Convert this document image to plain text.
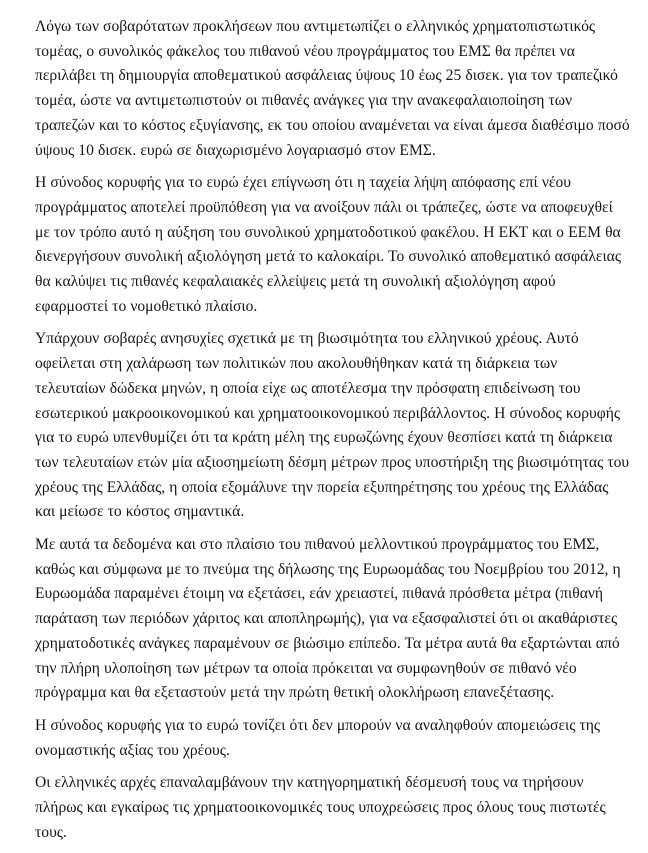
Λόγω των σοβαρότατων προκλήσεων που αντιμετωπίζει ο ελληνικός χρηματοπιστωτικός τομέας, ο συνολικός φάκελος του πιθανού νέου προγράμματος του ΕΜΣ θα πρέπει να περιλάβει τη δημιουργία αποθεματικού ασφάλειας ύψους 10 έως 25 δισεκ. για τον τραπεζικό τομέα, ώστε να αντιμετωπιστούν οι πιθανές ανάγκες για την ανακεφαλαιοποίηση των τραπεζών και το κόστος εξυγίανσης, εκ του οποίου αναμένεται να είναι άμεσα διαθέσιμο ποσό ύψους 10 δισεκ. ευρώ σε διαχωρισμένο λογαριασμό στον ΕΜΣ.

Η σύνοδος κορυφής για το ευρώ έχει επίγνωση ότι η ταχεία λήψη απόφασης επί νέου προγράμματος αποτελεί προϋπόθεση για να ανοίξουν πάλι οι τράπεζες, ώστε να αποφευχθεί με τον τρόπο αυτό η αύξηση του συνολικού χρηματοδοτικού φακέλου. Η ΕΚΤ και ο ΕΕΜ θα διενεργήσουν συνολική αξιολόγηση μετά το καλοκαίρι. Το συνολικό αποθεματικό ασφάλειας θα καλύψει τις πιθανές κεφαλαιακές ελλείψεις μετά τη συνολική αξιολόγηση αφού εφαρμοστεί το νομοθετικό πλαίσιο.

Υπάρχουν σοβαρές ανησυχίες σχετικά με τη βιωσιμότητα του ελληνικού χρέους. Αυτό οφείλεται στη χαλάρωση των πολιτικών που ακολουθήθηκαν κατά τη διάρκεια των τελευταίων δώδεκα μηνών, η οποία είχε ως αποτέλεσμα την πρόσφατη επιδείνωση του εσωτερικού μακροοικονομικού και χρηματοοικονομικού περιβάλλοντος. Η σύνοδος κορυφής για το ευρώ υπενθυμίζει ότι τα κράτη μέλη της ευρωζώνης έχουν θεσπίσει κατά τη διάρκεια των τελευταίων ετών μία αξιοσημείωτη δέσμη μέτρων προς υποστήριξη της βιωσιμότητας του χρέους της Ελλάδας, η οποία εξομάλυνε την πορεία εξυπηρέτησης του χρέους της Ελλάδας και μείωσε το κόστος σημαντικά.

Με αυτά τα δεδομένα και στο πλαίσιο του πιθανού μελλοντικού προγράμματος του ΕΜΣ, καθώς και σύμφωνα με το πνεύμα της δήλωσης της Ευρωομάδας του Νοεμβρίου του 2012, η Ευρωομάδα παραμένει έτοιμη να εξετάσει, εάν χρειαστεί, πιθανά πρόσθετα μέτρα (πιθανή παράταση των περιόδων χάριτος και αποπληρωμής), για να εξασφαλιστεί ότι οι ακαθάριστες χρηματοδοτικές ανάγκες παραμένουν σε βιώσιμο επίπεδο. Τα μέτρα αυτά θα εξαρτώνται από την πλήρη υλοποίηση των μέτρων τα οποία πρόκειται να συμφωνηθούν σε πιθανό νέο πρόγραμμα και θα εξεταστούν μετά την πρώτη θετική ολοκλήρωση επανεξέτασης.

Η σύνοδος κορυφής για το ευρώ τονίζει ότι δεν μπορούν να αναληφθούν απομειώσεις της ονομαστικής αξίας του χρέους.

Οι ελληνικές αρχές επαναλαμβάνουν την κατηγορηματική δέσμευσή τους να τηρήσουν πλήρως και εγκαίρως τις χρηματοοικονομικές τους υποχρεώσεις προς όλους τους πιστωτές τους.
